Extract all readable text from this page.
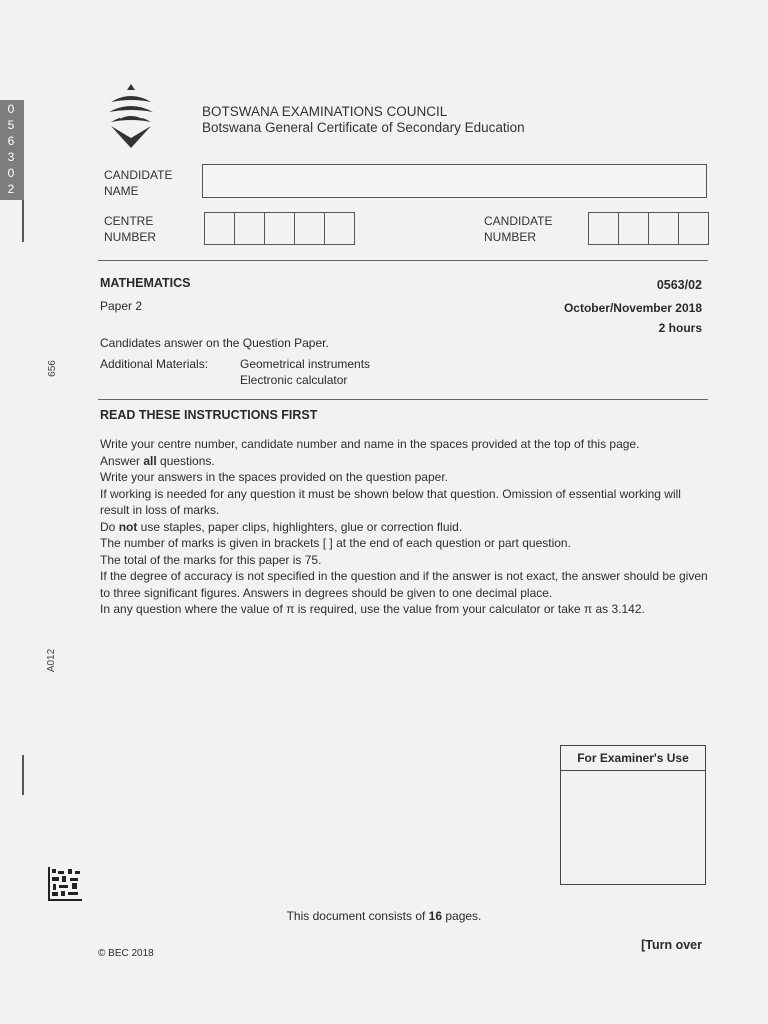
0
5
6
3
0
2
656
A012
BOTSWANA EXAMINATIONS COUNCIL
Botswana General Certificate of Secondary Education
CANDIDATE
NAME
CENTRE
NUMBER
CANDIDATE
NUMBER
MATHEMATICS
Paper 2
0563/02
October/November 2018
2 hours
Candidates answer on the Question Paper.
Additional Materials:	Geometrical instruments
Electronic calculator
READ THESE INSTRUCTIONS FIRST

Write your centre number, candidate number and name in the spaces provided at the top of this page.

Answer all questions.

Write your answers in the spaces provided on the question paper.

If working is needed for any question it must be shown below that question. Omission of essential working will result in loss of marks.

Do not use staples, paper clips, highlighters, glue or correction fluid.

The number of marks is given in brackets [ ] at the end of each question or part question.

The total of the marks for this paper is 75.

If the degree of accuracy is not specified in the question and if the answer is not exact, the answer should be given to three significant figures. Answers in degrees should be given to one decimal place.

In any question where the value of π is required, use the value from your calculator or take π as 3.142.

For Examiner's Use
This document consists of 16 pages.
© BEC 2018
[Turn over
